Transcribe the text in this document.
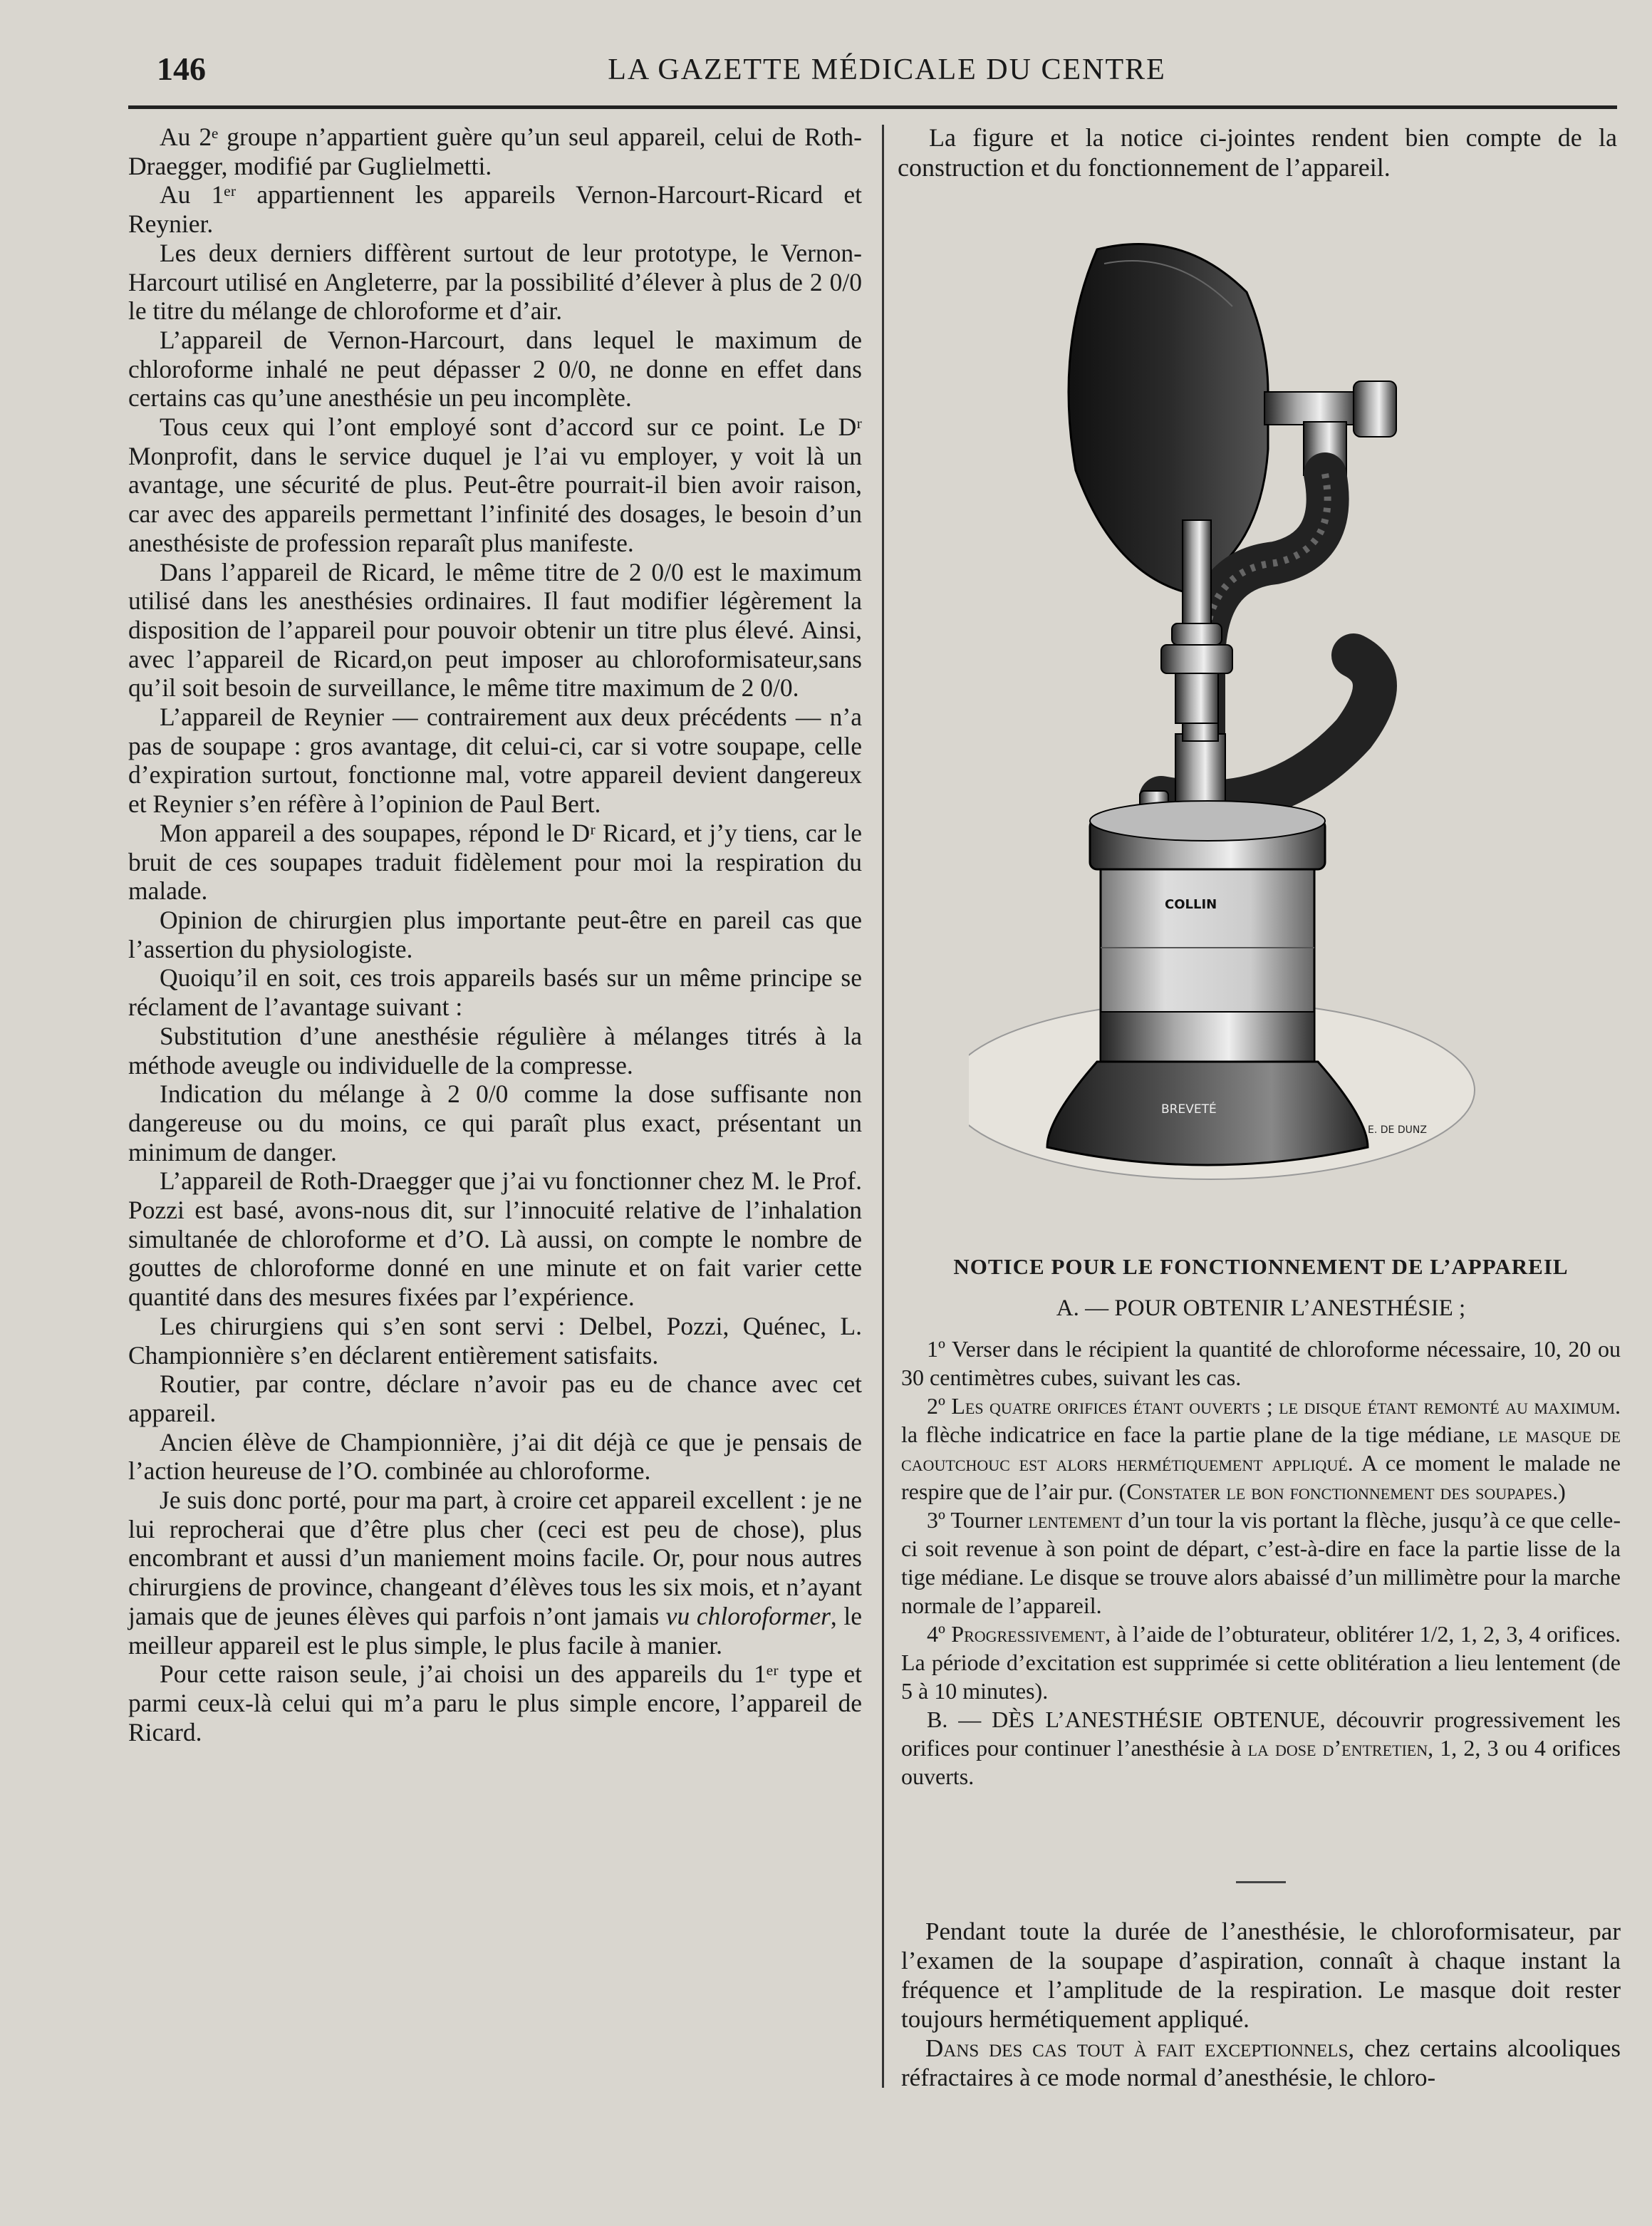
146	LA GAZETTE MÉDICALE DU CENTRE

Au 2ᵉ groupe n’appartient guère qu’un seul appareil, celui de Roth-Draegger, modifié par Guglielmetti.

Au 1ᵉʳ appartiennent les appareils Vernon-Harcourt-Ricard et Reynier.

Les deux derniers diffèrent surtout de leur prototype, le Vernon-Harcourt utilisé en Angleterre, par la possibilité d’élever à plus de 2 0/0 le titre du mélange de chloroforme et d’air.

L’appareil de Vernon-Harcourt, dans lequel le maximum de chloroforme inhalé ne peut dépasser 2 0/0, ne donne en effet dans certains cas qu’une anesthésie un peu incomplète.

Tous ceux qui l’ont employé sont d’accord sur ce point. Le Dʳ Monprofit, dans le service duquel je l’ai vu employer, y voit là un avantage, une sécurité de plus. Peut-être pourrait-il bien avoir raison, car avec des appareils permettant l’infinité des dosages, le besoin d’un anesthésiste de profession reparaît plus manifeste.

Dans l’appareil de Ricard, le même titre de 2 0/0 est le maximum utilisé dans les anesthésies ordinaires. Il faut modifier légèrement la disposition de l’appareil pour pouvoir obtenir un titre plus élevé. Ainsi, avec l’appareil de Ricard,on peut imposer au chloroformisateur,sans qu’il soit besoin de surveillance, le même titre maximum de 2 0/0.

L’appareil de Reynier — contrairement aux deux précédents — n’a pas de soupape : gros avantage, dit celui-ci, car si votre soupape, celle d’expiration surtout, fonctionne mal, votre appareil devient dangereux et Reynier s’en réfère à l’opinion de Paul Bert.

Mon appareil a des soupapes, répond le Dʳ Ricard, et j’y tiens, car le bruit de ces soupapes traduit fidèlement pour moi la respiration du malade.

Opinion de chirurgien plus importante peut-être en pareil cas que l’assertion du physiologiste.

Quoiqu’il en soit, ces trois appareils basés sur un même principe se réclament de l’avantage suivant :

Substitution d’une anesthésie régulière à mélanges titrés à la méthode aveugle ou individuelle de la compresse.

Indication du mélange à 2 0/0 comme la dose suffisante non dangereuse ou du moins, ce qui paraît plus exact, présentant un minimum de danger.

L’appareil de Roth-Draegger que j’ai vu fonctionner chez M. le Prof. Pozzi est basé, avons-nous dit, sur l’innocuité relative de l’inhalation simultanée de chloroforme et d’O. Là aussi, on compte le nombre de gouttes de chloroforme donné en une minute et on fait varier cette quantité dans des mesures fixées par l’expérience.

Les chirurgiens qui s’en sont servi : Delbel, Pozzi, Quénec, L. Championnière s’en déclarent entièrement satisfaits.

Routier, par contre, déclare n’avoir pas eu de chance avec cet appareil.

Ancien élève de Championnière, j’ai dit déjà ce que je pensais de l’action heureuse de l’O. combinée au chloroforme.

Je suis donc porté, pour ma part, à croire cet appareil excellent : je ne lui reprocherai que d’être plus cher (ceci est peu de chose), plus encombrant et aussi d’un maniement moins facile. Or, pour nous autres chirurgiens de province, changeant d’élèves tous les six mois, et n’ayant jamais que de jeunes élèves qui parfois n’ont jamais vu chloroformer, le meilleur appareil est le plus simple, le plus facile à manier.

Pour cette raison seule, j’ai choisi un des appareils du 1ᵉʳ type et parmi ceux-là celui qui m’a paru le plus simple encore, l’appareil de Ricard.

La figure et la notice ci-jointes rendent bien compte de la construction et du fonctionnement de l’appareil.

COLLIN
BREVETÉ
E. DE DUNZ
NOTICE POUR LE FONCTIONNEMENT DE L’APPAREIL
A. — POUR OBTENIR L’ANESTHÉSIE ;

1º Verser dans le récipient la quantité de chloroforme nécessaire, 10, 20 ou 30 centimètres cubes, suivant les cas.

2º Les quatre orifices étant ouverts ; le disque étant remonté au maximum. la flèche indicatrice en face la partie plane de la tige médiane, le masque de caoutchouc est alors hermétiquement appliqué. A ce moment le malade ne respire que de l’air pur. (Constater le bon fonctionnement des soupapes.)

3º Tourner lentement d’un tour la vis portant la flèche, jusqu’à ce que celle-ci soit revenue à son point de départ, c’est-à-dire en face la partie lisse de la tige médiane. Le disque se trouve alors abaissé d’un millimètre pour la marche normale de l’appareil.

4º Progressivement, à l’aide de l’obturateur, oblitérer 1/2, 1, 2, 3, 4 orifices. La période d’excitation est supprimée si cette oblitération a lieu lentement (de 5 à 10 minutes).

B. — DÈS L’ANESTHÉSIE OBTENUE, découvrir progressivement les orifices pour continuer l’anesthésie à la dose d’entretien, 1, 2, 3 ou 4 orifices ouverts.

Pendant toute la durée de l’anesthésie, le chloroformisateur, par l’examen de la soupape d’aspiration, connaît à chaque instant la fréquence et l’amplitude de la respiration. Le masque doit rester toujours hermétiquement appliqué.

Dans des cas tout à fait exceptionnels, chez certains alcooliques réfractaires à ce mode normal d’anesthésie, le chloro-
